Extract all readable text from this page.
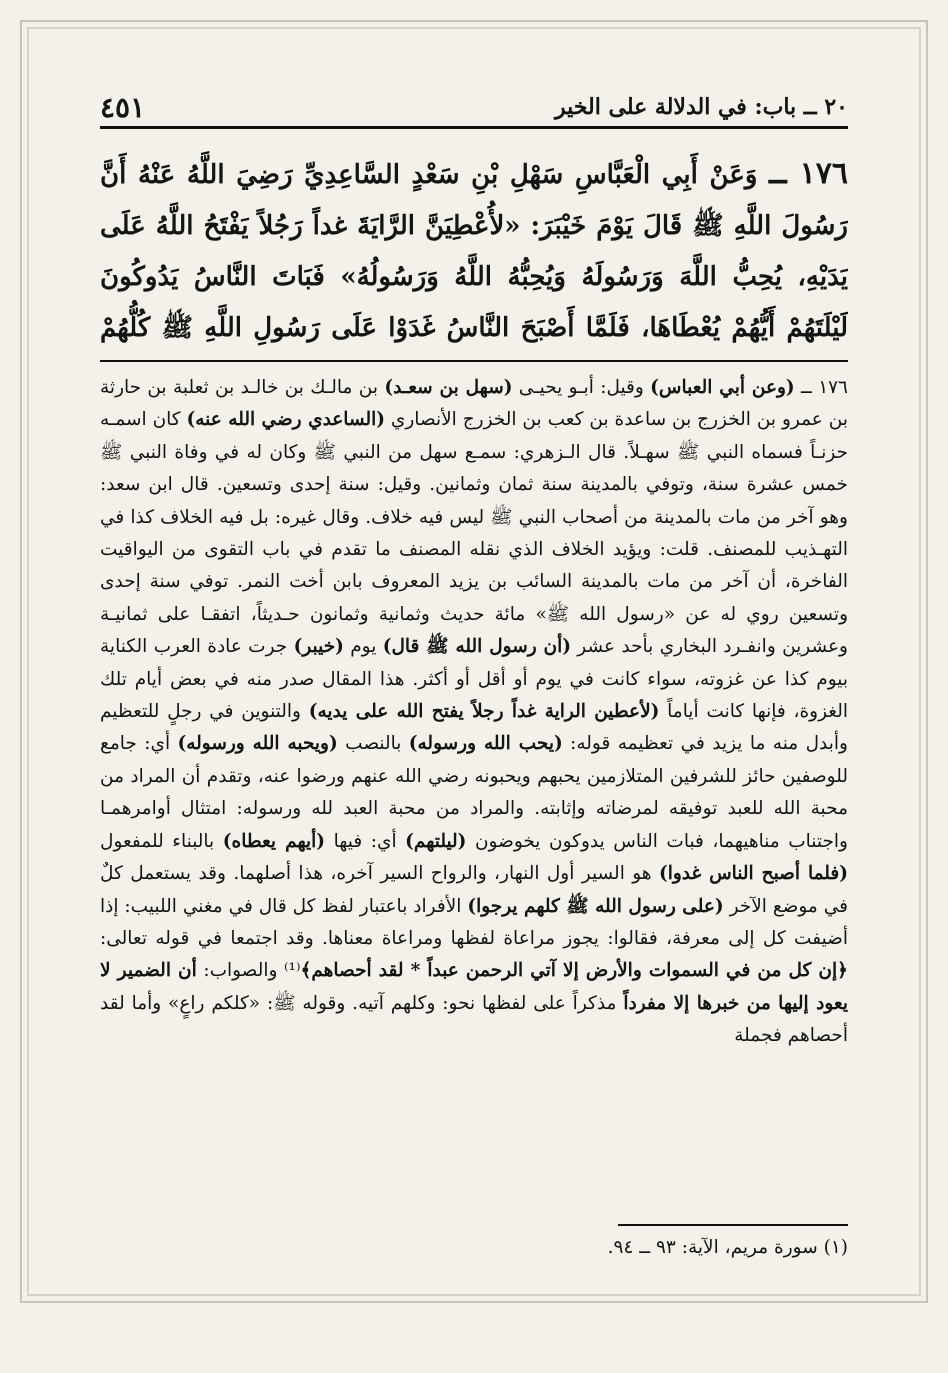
٢٠ ــ باب: في الدلالة على الخير
٤٥١
١٧٦ ــ وَعَنْ أَبِي الْعَبَّاسِ سَهْلِ بْنِ سَعْدٍ السَّاعِدِيِّ رَضِيَ اللَّهُ عَنْهُ أَنَّ رَسُولَ اللَّهِ ﷺ قَالَ يَوْمَ خَيْبَرَ: «لأُعْطِيَنَّ الرَّايَةَ غداً رَجُلاً يَفْتَحُ اللَّهُ عَلَى يَدَيْهِ، يُحِبُّ اللَّهَ وَرَسُولَهُ وَيُحِبُّهُ اللَّهُ وَرَسُولُهُ» فَبَاتَ النَّاسُ يَدُوكُونَ لَيْلَتَهُمْ أَيُّهُمْ يُعْطَاهَا، فَلَمَّا أَصْبَحَ النَّاسُ غَدَوْا عَلَى رَسُولِ اللَّهِ ﷺ كُلُّهُمْ
١٧٦ ــ (وعن أبي العباس) وقيل: أبـو يحيـى (سهل بن سعـد) بن مالـك بن خالـد بن ثعلبة بن حارثة بن عمرو بن الخزرج بن ساعدة بن كعب بن الخزرج الأنصاري (الساعدي رضي الله عنه) كان اسمـه حزنـاً فسماه النبي ﷺ سهـلاً. قال الـزهري: سمـع سهل من النبي ﷺ وكان له في وفاة النبي ﷺ خمس عشرة سنة، وتوفي بالمدينة سنة ثمان وثمانين. وقيل: سنة إحدى وتسعين. قال ابن سعد: وهو آخر من مات بالمدينة من أصحاب النبي ﷺ ليس فيه خلاف. وقال غيره: بل فيه الخلاف كذا في التهـذيب للمصنف. قلت: ويؤيد الخلاف الذي نقله المصنف ما تقدم في باب التقوى من اليواقيت الفاخرة، أن آخر من مات بالمدينة السائب بن يزيد المعروف بابن أخت النمر. توفي سنة إحدى وتسعين روي له عن «رسول الله ﷺ» مائة حديث وثمانية وثمانون حـديثاً، اتفقـا على ثمانيـة وعشرين وانفـرد البخاري بأحد عشر (أن رسول الله ﷺ قال) يوم (خيبر) جرت عادة العرب الكناية بيوم كذا عن غزوته، سواء كانت في يوم أو أقل أو أكثر. هذا المقال صدر منه في بعض أيام تلك الغزوة، فإنها كانت أياماً (لأعطين الراية غداً رجلاً يفتح الله على يديه) والتنوين في رجلٍ للتعظيم وأبدل منه ما يزيد في تعظيمه قوله: (يحب الله ورسوله) بالنصب (ويحبه الله ورسوله) أي: جامع للوصفين حائز للشرفين المتلازمين يحبهم ويحبونه رضي الله عنهم ورضوا عنه، وتقدم أن المراد من محبة الله للعبد توفيقه لمرضاته وإثابته. والمراد من محبة العبد لله ورسوله: امتثال أوامرهمـا واجتناب مناهيهما، فبات الناس يدوكون يخوضون (ليلتهم) أي: فيها (أيهم يعطاه) بالبناء للمفعول (فلما أصبح الناس غدوا) هو السير أول النهار، والرواح السير آخره، هذا أصلهما. وقد يستعمل كلٌ في موضع الآخر (على رسول الله ﷺ كلهم يرجوا) الأفراد باعتبار لفظ كل قال في مغني اللبيب: إذا أضيفت كل إلى معرفة، فقالوا: يجوز مراعاة لفظها ومراعاة معناها. وقد اجتمعا في قوله تعالى: ﴿إن كل من في السموات والأرض إلا آتي الرحمن عبداً * لقد أحصاهم﴾⁽¹⁾ والصواب: أن الضمير لا يعود إليها من خبرها إلا مفرداً مذكراً على لفظها نحو: وكلهم آتيه. وقوله ﷺ: «كلكم راعٍ» وأما لقد أحصاهم فجملة
(١) سورة مريم، الآية: ٩٣ ــ ٩٤.
